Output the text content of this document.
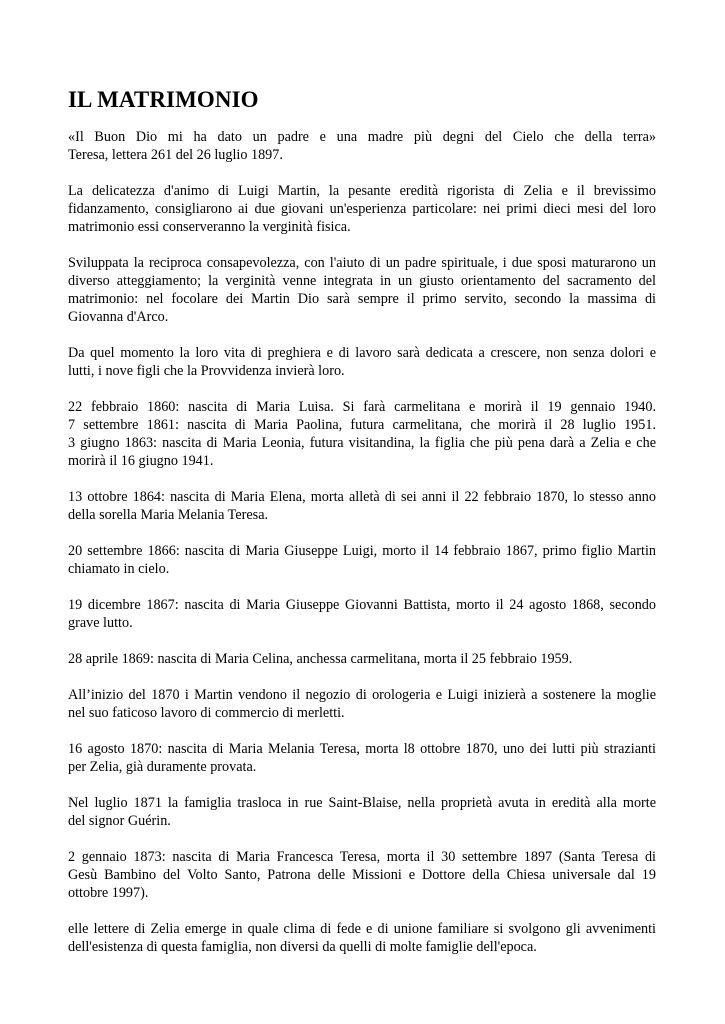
IL MATRIMONIO

«Il Buon Dio mi ha dato un padre e una madre più degni del Cielo che della terra»
Teresa, lettera 261 del 26 luglio 1897.

La delicatezza d'animo di Luigi Martin, la pesante eredità rigorista di Zelia e il brevissimo
fidanzamento, consigliarono ai due giovani un'esperienza particolare: nei primi dieci mesi del loro
matrimonio essi conserveranno la verginità fisica.

Sviluppata la reciproca consapevolezza, con l'aiuto di un padre spirituale, i due sposi maturarono un
diverso atteggiamento; la verginità venne integrata in un giusto orientamento del sacramento del
matrimonio: nel focolare dei Martin Dio sarà sempre il primo servito, secondo la massima di
Giovanna d'Arco.

Da quel momento la loro vita di preghiera e di lavoro sarà dedicata a crescere, non senza dolori e
lutti, i nove figli che la Provvidenza invierà loro.

22 febbraio 1860: nascita di Maria Luisa. Si farà carmelitana e morirà il 19 gennaio 1940.
7 settembre 1861: nascita di Maria Paolina, futura carmelitana, che morirà il 28 luglio 1951.
3 giugno 1863: nascita di Maria Leonia, futura visitandina, la figlia che più pena darà a Zelia e che
morirà il 16 giugno 1941.

13 ottobre 1864: nascita di Maria Elena, morta alletà di sei anni il 22 febbraio 1870, lo stesso anno
della sorella Maria Melania Teresa.

20 settembre 1866: nascita di Maria Giuseppe Luigi, morto il 14 febbraio 1867, primo figlio Martin
chiamato in cielo.

19 dicembre 1867: nascita di Maria Giuseppe Giovanni Battista, morto il 24 agosto 1868, secondo
grave lutto.

28 aprile 1869: nascita di Maria Celina, anchessa carmelitana, morta il 25 febbraio 1959.

All’inizio del 1870 i Martin vendono il negozio di orologeria e Luigi inizierà a sostenere la moglie
nel suo faticoso lavoro di commercio di merletti.

16 agosto 1870: nascita di Maria Melania Teresa, morta l8 ottobre 1870, uno dei lutti più strazianti
per Zelia, già duramente provata.

Nel luglio 1871 la famiglia trasloca in rue Saint-Blaise, nella proprietà avuta in eredità alla morte
del signor Guérin.

2 gennaio 1873: nascita di Maria Francesca Teresa, morta il 30 settembre 1897 (Santa Teresa di
Gesù Bambino del Volto Santo, Patrona delle Missioni e Dottore della Chiesa universale dal 19
ottobre 1997).

elle lettere di Zelia emerge in quale clima di fede e di unione familiare si svolgono gli avvenimenti
dell'esistenza di questa famiglia, non diversi da quelli di molte famiglie dell'epoca.
